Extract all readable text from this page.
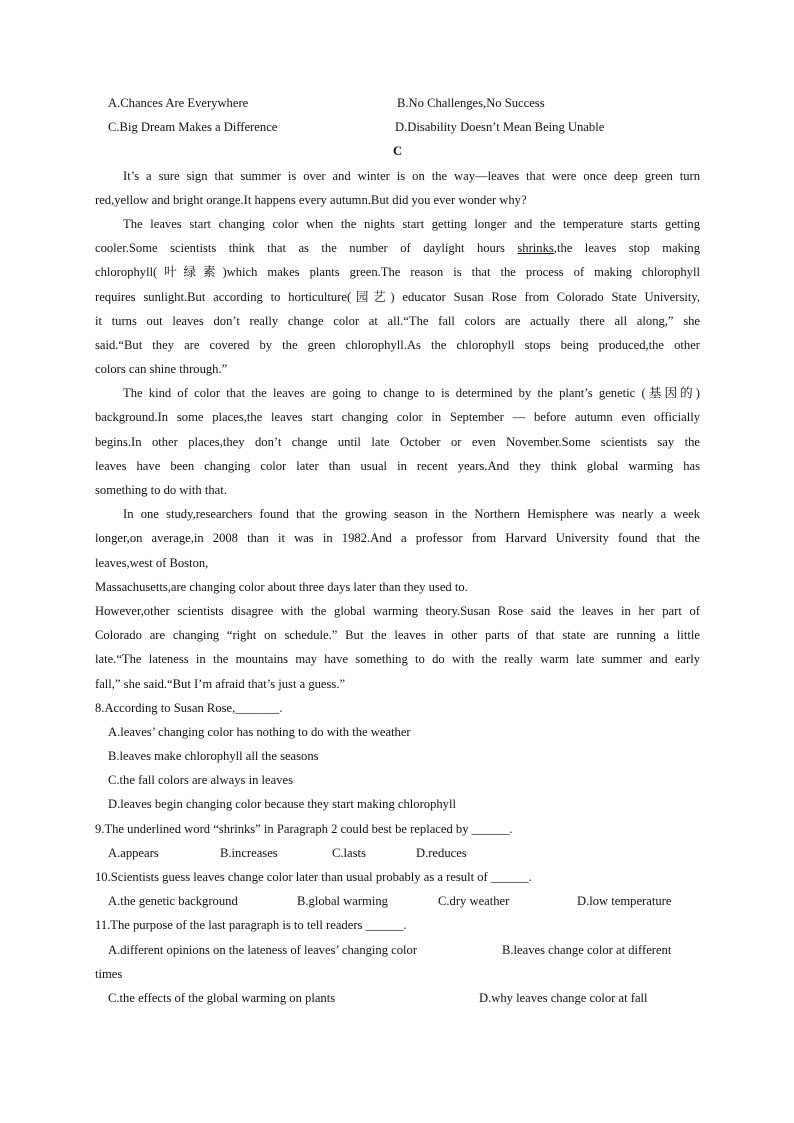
A.Chances Are Everywhere	B.No Challenges,No Success
C.Big Dream Makes a Difference	D.Disability Doesn’t Mean Being Unable
C
It’s a sure sign that summer is over and winter is on the way—leaves that were once deep green turn
red,yellow and bright orange.It happens every autumn.But did you ever wonder why?
The leaves start changing color when the nights start getting longer and the temperature starts getting
cooler.Some scientists think that as the number of daylight hours shrinks,the leaves stop making
chlorophyll(叶绿素)which makes plants green.The reason is that the process of making chlorophyll
requires sunlight.But according to horticulture(园艺) educator Susan Rose from Colorado State University,
it turns out leaves don’t really change color at all.“The fall colors are actually there all along,” she
said.“But they are covered by the green chlorophyll.As the chlorophyll stops being produced,the other
colors can shine through.”
The kind of color that the leaves are going to change to is determined by the plant’s genetic (基因的)
background.In some places,the leaves start changing color in September — before autumn even officially
begins.In other places,they don’t change until late October or even November.Some scientists say the
leaves have been changing color later than usual in recent years.And they think global warming has
something to do with that.
In one study,researchers found that the growing season in the Northern Hemisphere was nearly a week
longer,on average,in 2008 than it was in 1982.And a professor from Harvard University found that the
leaves,west of Boston,
Massachusetts,are changing color about three days later than they used to.
However,other scientists disagree with the global warming theory.Susan Rose said the leaves in her part of
Colorado are changing “right on schedule.” But the leaves in other parts of that state are running a little
late.“The lateness in the mountains may have something to do with the really warm late summer and early
fall,” she said.“But I’m afraid that’s just a guess.”
8.According to Susan Rose,_______.
A.leaves’ changing color has nothing to do with the weather
B.leaves make chlorophyll all the seasons
C.the fall colors are always in leaves
D.leaves begin changing color because they start making chlorophyll
9.The underlined word “shrinks” in Paragraph 2 could best be replaced by ______.
A.appears	B.increases	C.lasts	D.reduces
10.Scientists guess leaves change color later than usual probably as a result of ______.
A.the genetic background	B.global warming	C.dry weather	D.low temperature
11.The purpose of the last paragraph is to tell readers ______.
A.different opinions on the lateness of leaves’ changing color	B.leaves change color at different
times
C.the effects of the global warming on plants	D.why leaves change color at fall
